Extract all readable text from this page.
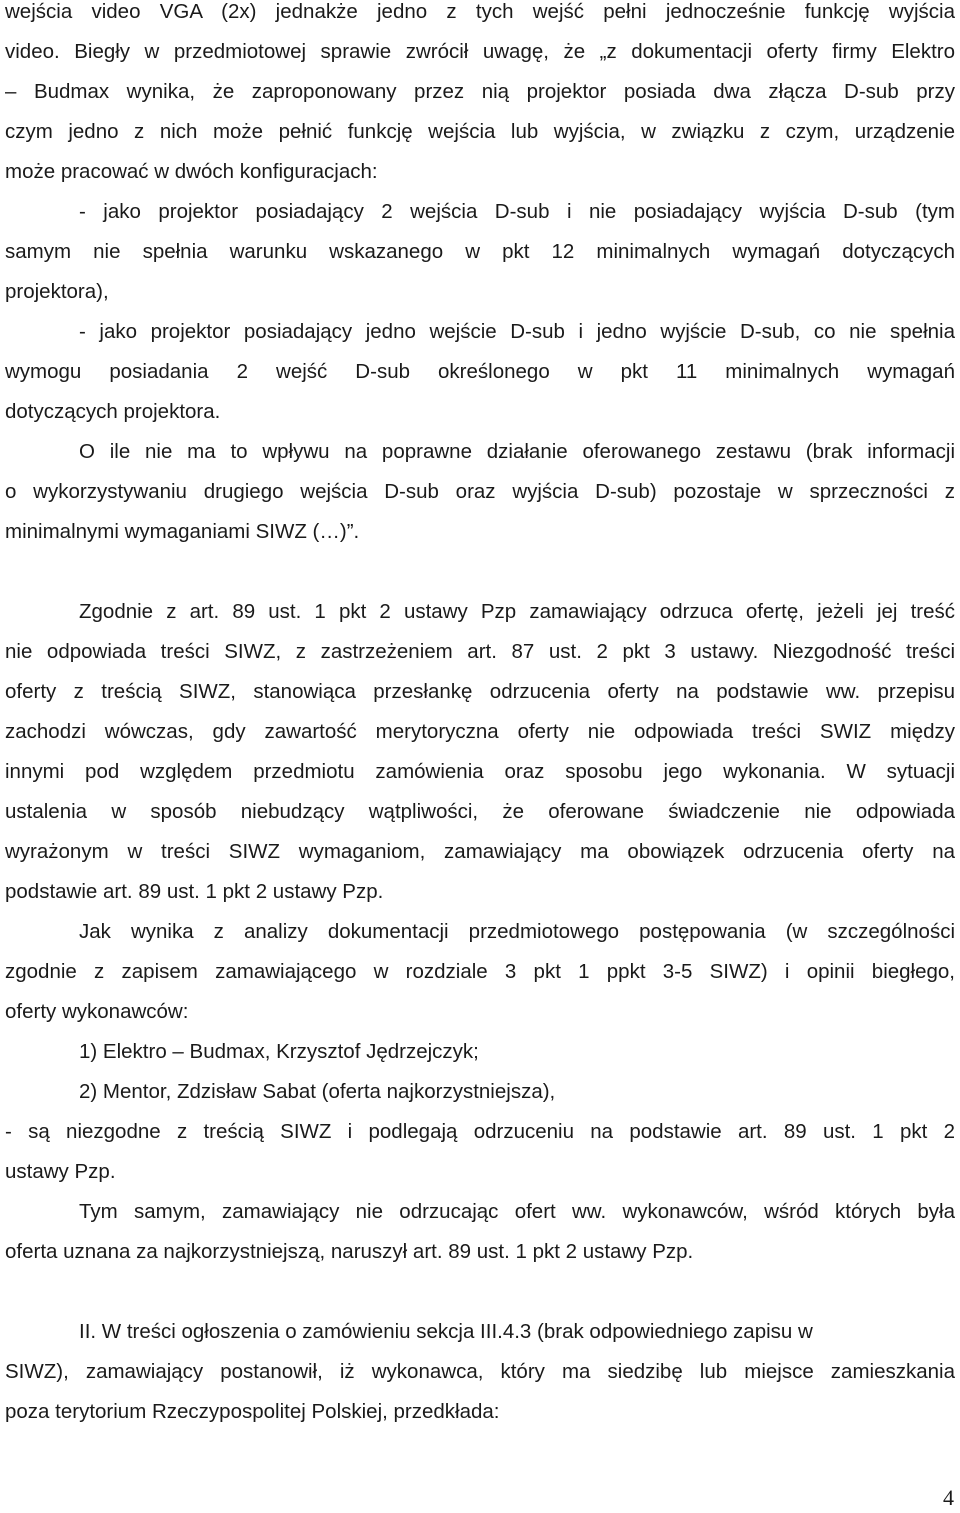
wejścia video VGA (2x) jednakże jedno z tych wejść pełni jednocześnie funkcję wyjścia
video. Biegły w przedmiotowej sprawie zwrócił uwagę, że „z dokumentacji oferty firmy Elektro
– Budmax wynika, że zaproponowany przez nią projektor posiada dwa złącza D-sub przy
czym jedno z nich może pełnić funkcję wejścia lub wyjścia, w związku z czym, urządzenie
może pracować w dwóch konfiguracjach:
- jako projektor posiadający 2 wejścia D-sub i nie posiadający wyjścia D-sub (tym
samym nie spełnia warunku wskazanego w pkt 12 minimalnych wymagań dotyczących
projektora),
- jako projektor posiadający jedno wejście D-sub i jedno wyjście D-sub, co nie spełnia
wymogu posiadania 2 wejść D-sub określonego w pkt 11 minimalnych wymagań
dotyczących projektora.
O ile nie ma to wpływu na poprawne działanie oferowanego zestawu (brak informacji
o wykorzystywaniu drugiego wejścia D-sub oraz wyjścia D-sub) pozostaje w sprzeczności z
minimalnymi wymaganiami SIWZ (…)”.
Zgodnie z art. 89 ust. 1 pkt 2 ustawy Pzp zamawiający odrzuca ofertę, jeżeli jej treść
nie odpowiada treści SIWZ, z zastrzeżeniem art. 87 ust. 2 pkt 3 ustawy. Niezgodność treści
oferty z treścią SIWZ, stanowiąca przesłankę odrzucenia oferty na podstawie ww. przepisu
zachodzi wówczas, gdy zawartość merytoryczna oferty nie odpowiada treści SWIZ między
innymi pod względem przedmiotu zamówienia oraz sposobu jego wykonania. W sytuacji
ustalenia w sposób niebudzący wątpliwości, że oferowane świadczenie nie odpowiada
wyrażonym w treści SIWZ wymaganiom, zamawiający ma obowiązek odrzucenia oferty na
podstawie art. 89 ust. 1 pkt 2 ustawy Pzp.
Jak wynika z analizy dokumentacji przedmiotowego postępowania (w szczególności
zgodnie z zapisem zamawiającego w rozdziale 3 pkt 1 ppkt 3-5 SIWZ) i opinii biegłego,
oferty wykonawców:
1) Elektro – Budmax, Krzysztof Jędrzejczyk;
2) Mentor, Zdzisław Sabat (oferta najkorzystniejsza),
- są niezgodne z treścią SIWZ i podlegają odrzuceniu na podstawie art. 89 ust. 1 pkt 2
ustawy Pzp.
Tym samym, zamawiający nie odrzucając ofert ww. wykonawców, wśród których była
oferta uznana za najkorzystniejszą, naruszył art. 89 ust. 1 pkt 2 ustawy Pzp.
II. W treści ogłoszenia o zamówieniu sekcja III.4.3 (brak odpowiedniego zapisu w
SIWZ), zamawiający postanowił, iż wykonawca, który ma siedzibę lub miejsce zamieszkania
poza terytorium Rzeczypospolitej Polskiej, przedkłada:
4
